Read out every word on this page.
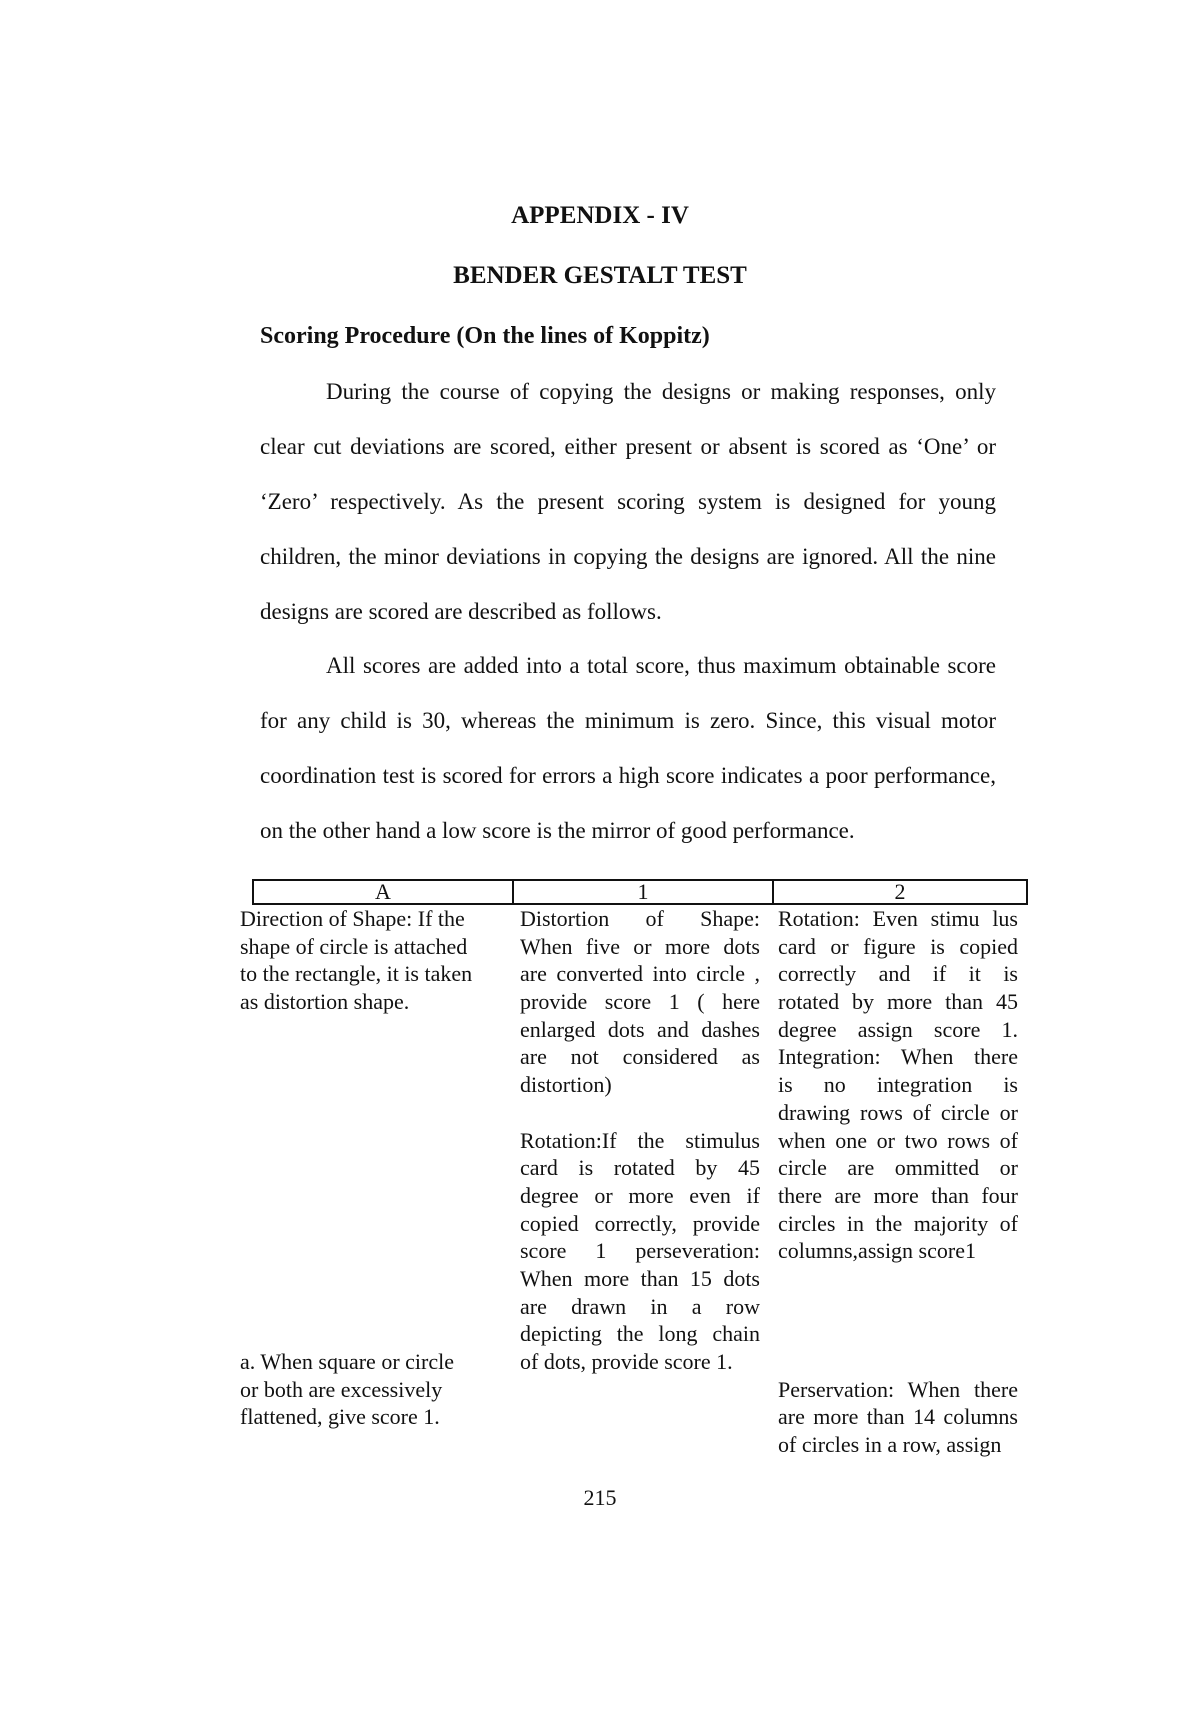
APPENDIX - IV
BENDER GESTALT TEST
Scoring Procedure (On the lines of Koppitz)
During the course of copying the designs or making responses, only
clear cut deviations are scored, either present or absent is scored as ‘One’ or
‘Zero’ respectively. As the present scoring system is designed for young
children, the minor deviations in copying the designs are ignored. All the nine
designs are scored are described as follows.
All scores are added into a total score, thus maximum obtainable score
for any child is 30, whereas the minimum is zero. Since, this visual motor
coordination test is scored for errors a high score indicates a poor performance,
on the other hand a low score is the mirror of good performance.
A	1	2
Direction of Shape: If the
shape of circle is attached
to the rectangle, it is taken
as distortion shape.
a. When square or circle
or both are excessively
flattened, give score 1.
Distortion of Shape:
When five or more dots
are converted into circle ,
provide score 1 ( here
enlarged dots and dashes
are not considered as
distortion)
Rotation:If the stimulus
card is rotated by 45
degree or more even if
copied correctly, provide
score 1 perseveration:
When more than 15 dots
are drawn in a row
depicting the long chain
of dots, provide score 1.
Rotation: Even stimu lus
card or figure is copied
correctly and if it is
rotated by more than 45
degree assign score 1.
Integration: When there
is no integration is
drawing rows of circle or
when one or two rows of
circle are ommitted or
there are more than four
circles in the majority of
columns,assign score1
Perservation: When there
are more than 14 columns
of circles in a row, assign
215
